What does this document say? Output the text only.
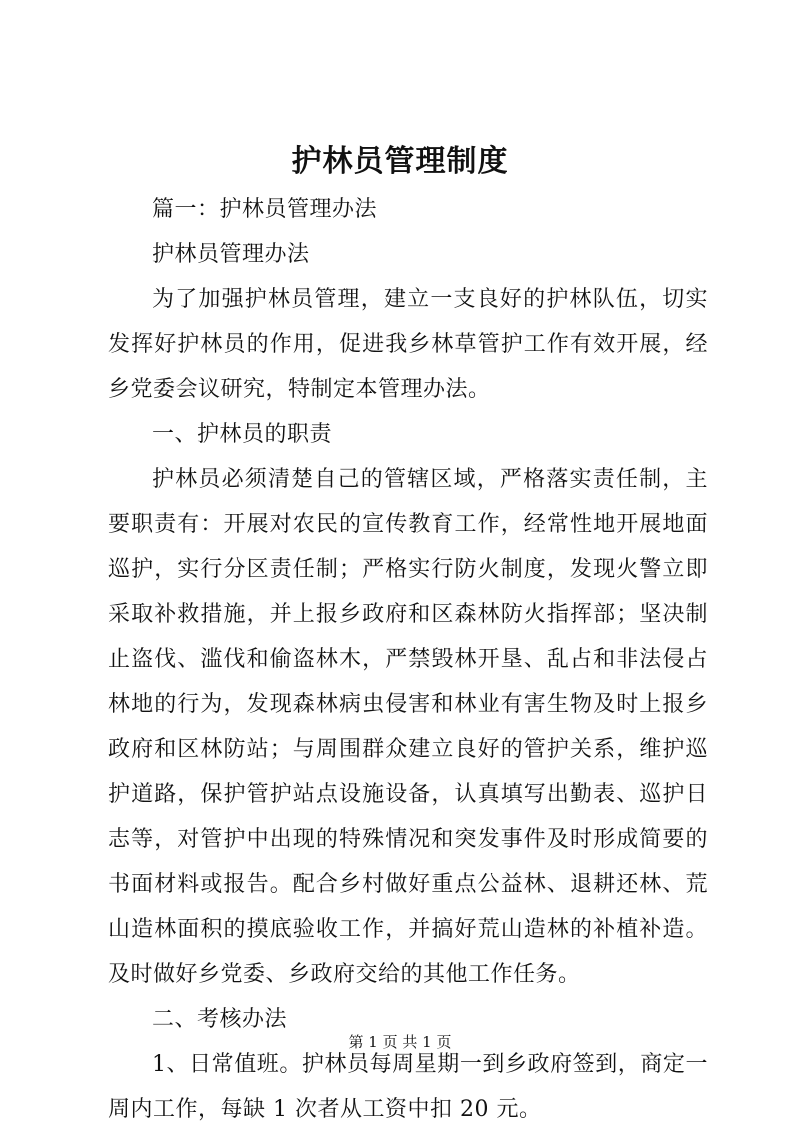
护林员管理制度

篇一：护林员管理办法

护林员管理办法

为了加强护林员管理，建立一支良好的护林队伍，切实发挥好护林员的作用，促进我乡林草管护工作有效开展，经乡党委会议研究，特制定本管理办法。

一、护林员的职责

护林员必须清楚自己的管辖区域，严格落实责任制，主要职责有：开展对农民的宣传教育工作，经常性地开展地面巡护，实行分区责任制；严格实行防火制度，发现火警立即采取补救措施，并上报乡政府和区森林防火指挥部；坚决制止盗伐、滥伐和偷盗林木，严禁毁林开垦、乱占和非法侵占林地的行为，发现森林病虫侵害和林业有害生物及时上报乡政府和区林防站；与周围群众建立良好的管护关系，维护巡护道路，保护管护站点设施设备，认真填写出勤表、巡护日志等，对管护中出现的特殊情况和突发事件及时形成简要的书面材料或报告。配合乡村做好重点公益林、退耕还林、荒山造林面积的摸底验收工作，并搞好荒山造林的补植补造。及时做好乡党委、乡政府交给的其他工作任务。

二、考核办法

1、日常值班。护林员每周星期一到乡政府签到，商定一周内工作，每缺 1 次者从工资中扣 20 元。

第 1 页 共 1 页
